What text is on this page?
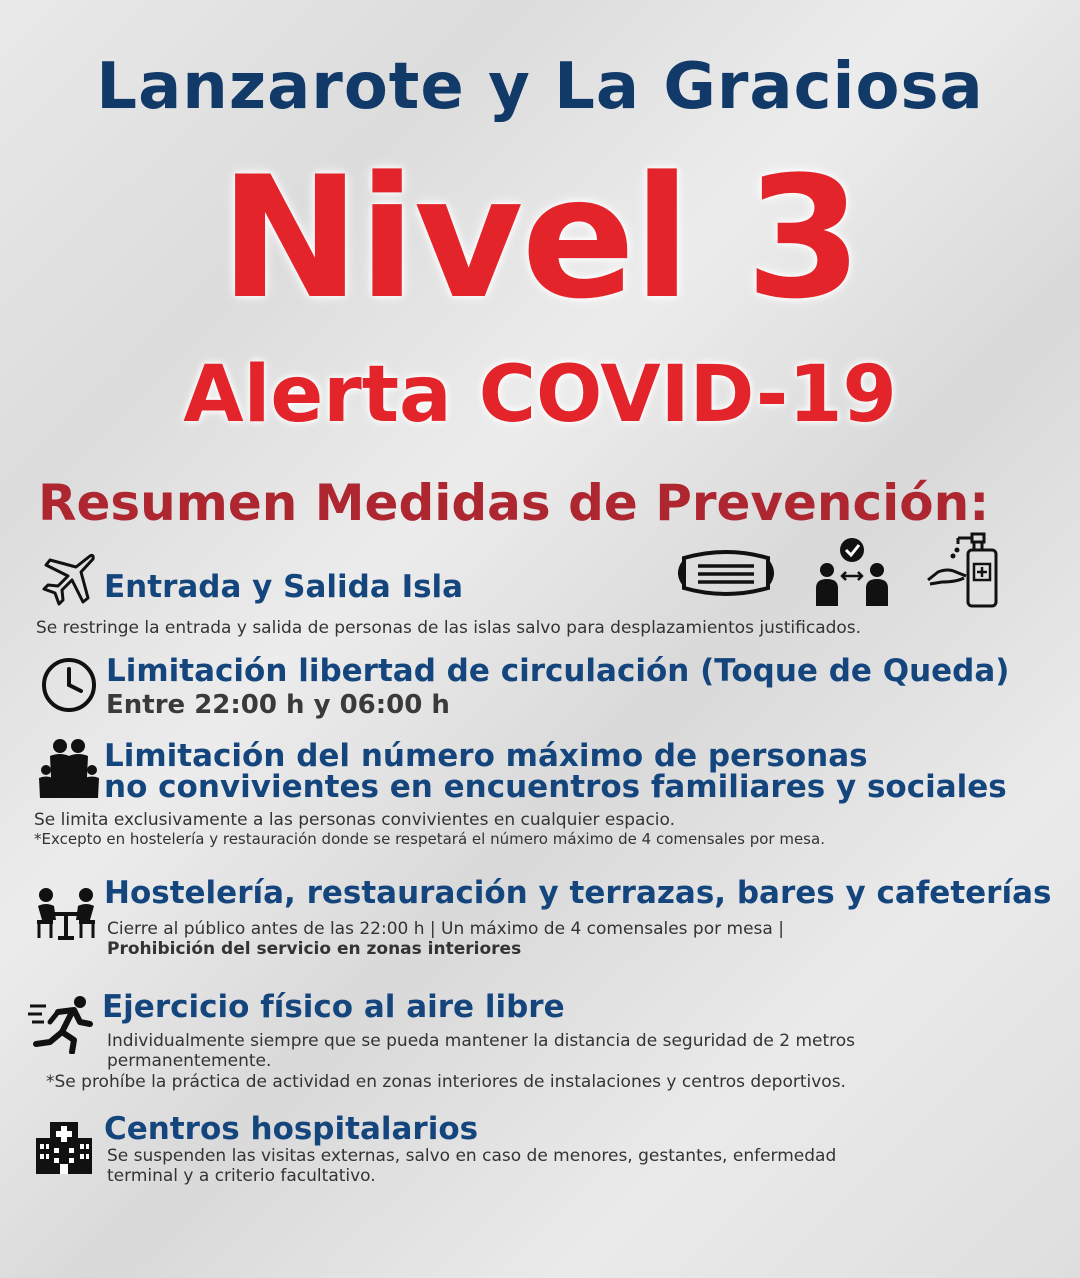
Lanzarote y La Graciosa
Nivel 3
Alerta COVID-19
Resumen Medidas de Prevención:
Entrada y Salida Isla
Se restringe la entrada y salida de personas de las islas salvo para desplazamientos justificados.
Limitación libertad de circulación (Toque de Queda)
Entre 22:00 h y 06:00 h
Limitación del número máximo de personas
no convivientes en encuentros familiares y sociales
Se limita exclusivamente a las personas convivientes en cualquier espacio.
*Excepto en hostelería y restauración donde se respetará el número máximo de 4 comensales por mesa.
Hostelería, restauración y terrazas, bares y cafeterías
Cierre al público antes de las 22:00 h | Un máximo de 4 comensales por mesa |
Prohibición del servicio en zonas interiores
Ejercicio físico al aire libre
Individualmente siempre que se pueda mantener la distancia de seguridad de 2 metros
permanentemente.
*Se prohíbe la práctica de actividad en zonas interiores de instalaciones y centros deportivos.
Centros hospitalarios
Se suspenden las visitas externas, salvo en caso de menores, gestantes, enfermedad
terminal y a criterio facultativo.
